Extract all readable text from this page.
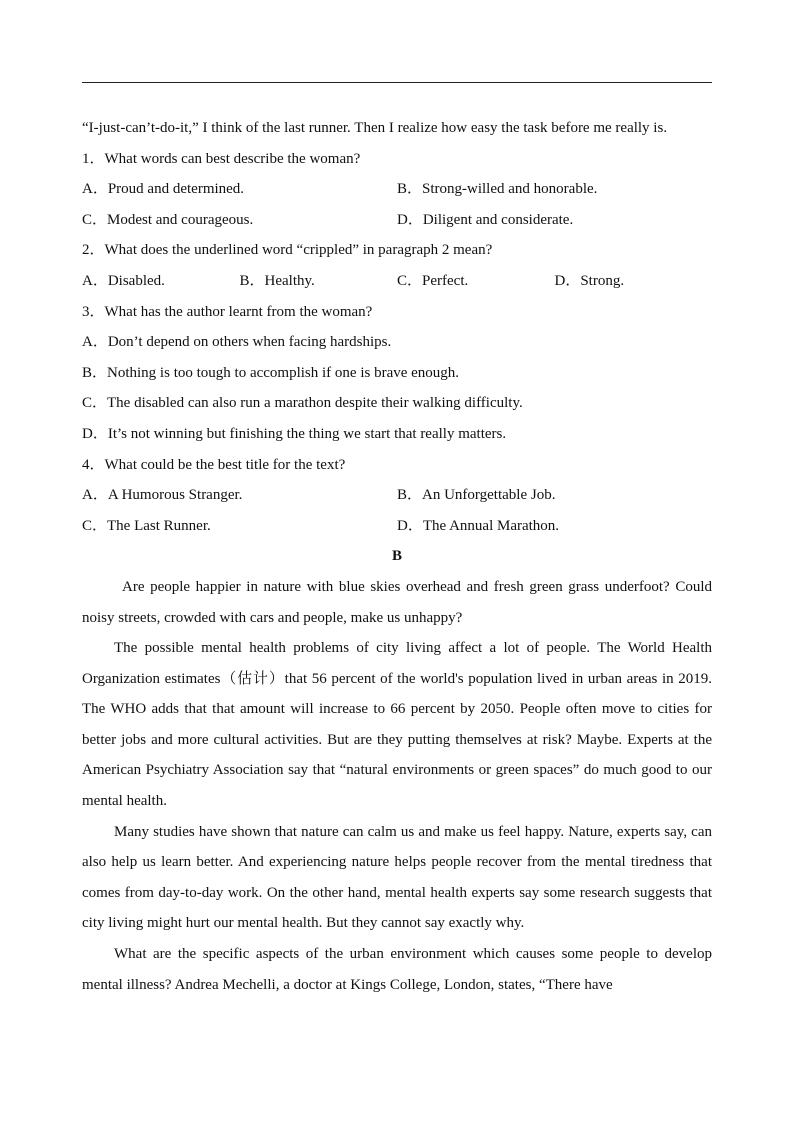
“I-just-can’t-do-it,” I think of the last runner. Then I realize how easy the task before me really is.
1．What words can best describe the woman?
A．Proud and determined.	B．Strong-willed and honorable.
C．Modest and courageous.	D．Diligent and considerate.
2．What does the underlined word “crippled” in paragraph 2 mean?
A．Disabled.	B．Healthy.	C．Perfect.	D．Strong.
3．What has the author learnt from the woman?
A．Don’t depend on others when facing hardships.
B．Nothing is too tough to accomplish if one is brave enough.
C．The disabled can also run a marathon despite their walking difficulty.
D．It’s not winning but finishing the thing we start that really matters.
4．What could be the best title for the text?
A．A Humorous Stranger.	B．An Unforgettable Job.
C．The Last Runner.	D．The Annual Marathon.
B

Are people happier in nature with blue skies overhead and fresh green grass underfoot? Could noisy streets, crowded with cars and people, make us unhappy?

The possible mental health problems of city living affect a lot of people. The World Health Organization estimates（估计）that 56 percent of the world's population lived in urban areas in 2019. The WHO adds that that amount will increase to 66 percent by 2050. People often move to cities for better jobs and more cultural activities. But are they putting themselves at risk? Maybe. Experts at the American Psychiatry Association say that “natural environments or green spaces” do much good to our mental health.

Many studies have shown that nature can calm us and make us feel happy. Nature, experts say, can also help us learn better. And experiencing nature helps people recover from the mental tiredness that comes from day-to-day work. On the other hand, mental health experts say some research suggests that city living might hurt our mental health. But they cannot say exactly why.

What are the specific aspects of the urban environment which causes some people to develop mental illness? Andrea Mechelli, a doctor at Kings College, London, states, “There have
